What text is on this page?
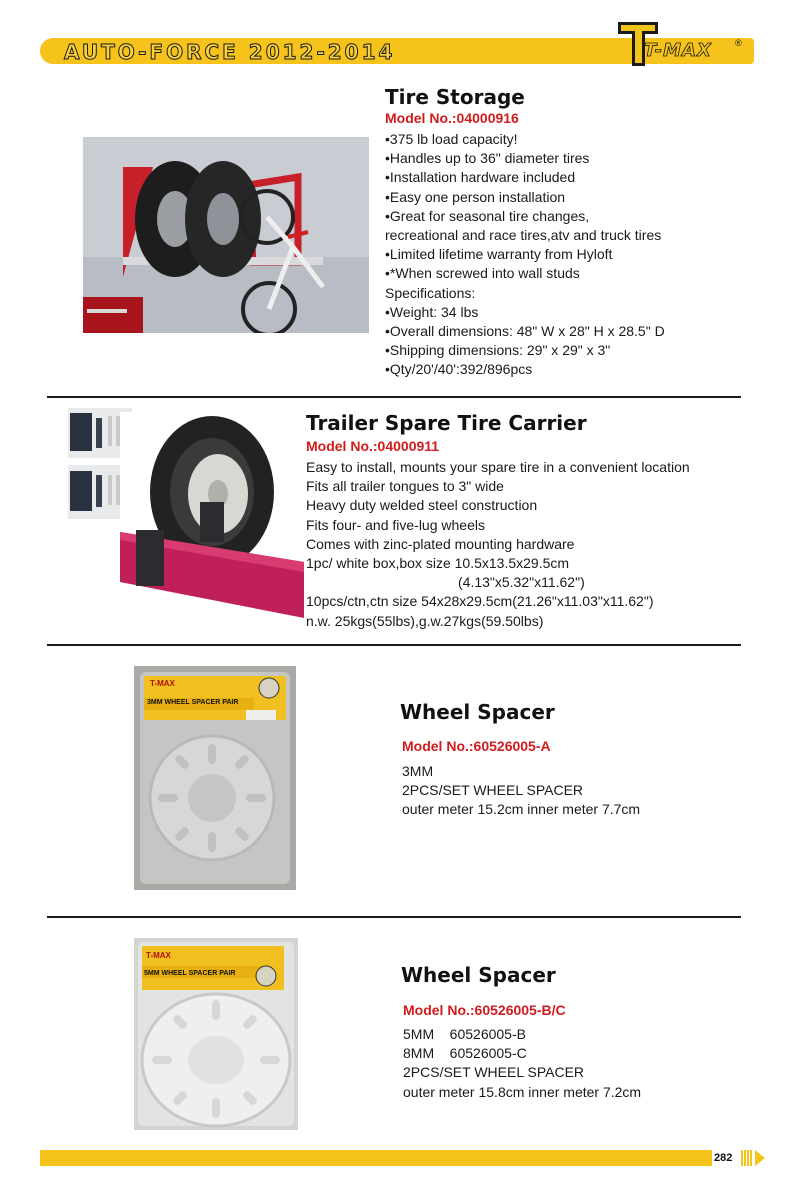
AUTO-FORCE 2012-2014	T-MAX	®
Tire Storage
Model No.:04000916
•375 lb load capacity!
•Handles up to 36" diameter tires
•Installation hardware included
•Easy one person installation
•Great for seasonal tire changes,
recreational and race tires,atv and truck tires
•Limited lifetime warranty from Hyloft
•*When screwed into wall studs
Specifications:
•Weight: 34 lbs
•Overall dimensions: 48" W x 28" H x 28.5" D
•Shipping dimensions: 29" x 29" x 3"
•Qty/20'/40':392/896pcs
Trailer Spare Tire Carrier
Model No.:04000911
Easy to install, mounts your spare tire in a convenient location
Fits all trailer tongues to 3" wide
Heavy duty welded steel construction
Fits four- and five-lug wheels
Comes with zinc-plated mounting hardware
1pc/ white box,box size 10.5x13.5x29.5cm
(4.13"x5.32"x11.62")
10pcs/ctn,ctn size 54x28x29.5cm(21.26"x11.03"x11.62")
n.w. 25kgs(55lbs),g.w.27kgs(59.50lbs)
T-MAX
3MM WHEEL SPACER PAIR	Wheel Spacer
Model No.:60526005-A
3MM
2PCS/SET WHEEL SPACER
outer meter 15.2cm inner meter 7.7cm
T-MAX
5MM WHEEL SPACER PAIR	Wheel Spacer
Model No.:60526005-B/C
5MM    60526005-B
8MM    60526005-C
2PCS/SET WHEEL SPACER
outer meter 15.8cm inner meter 7.2cm
282
